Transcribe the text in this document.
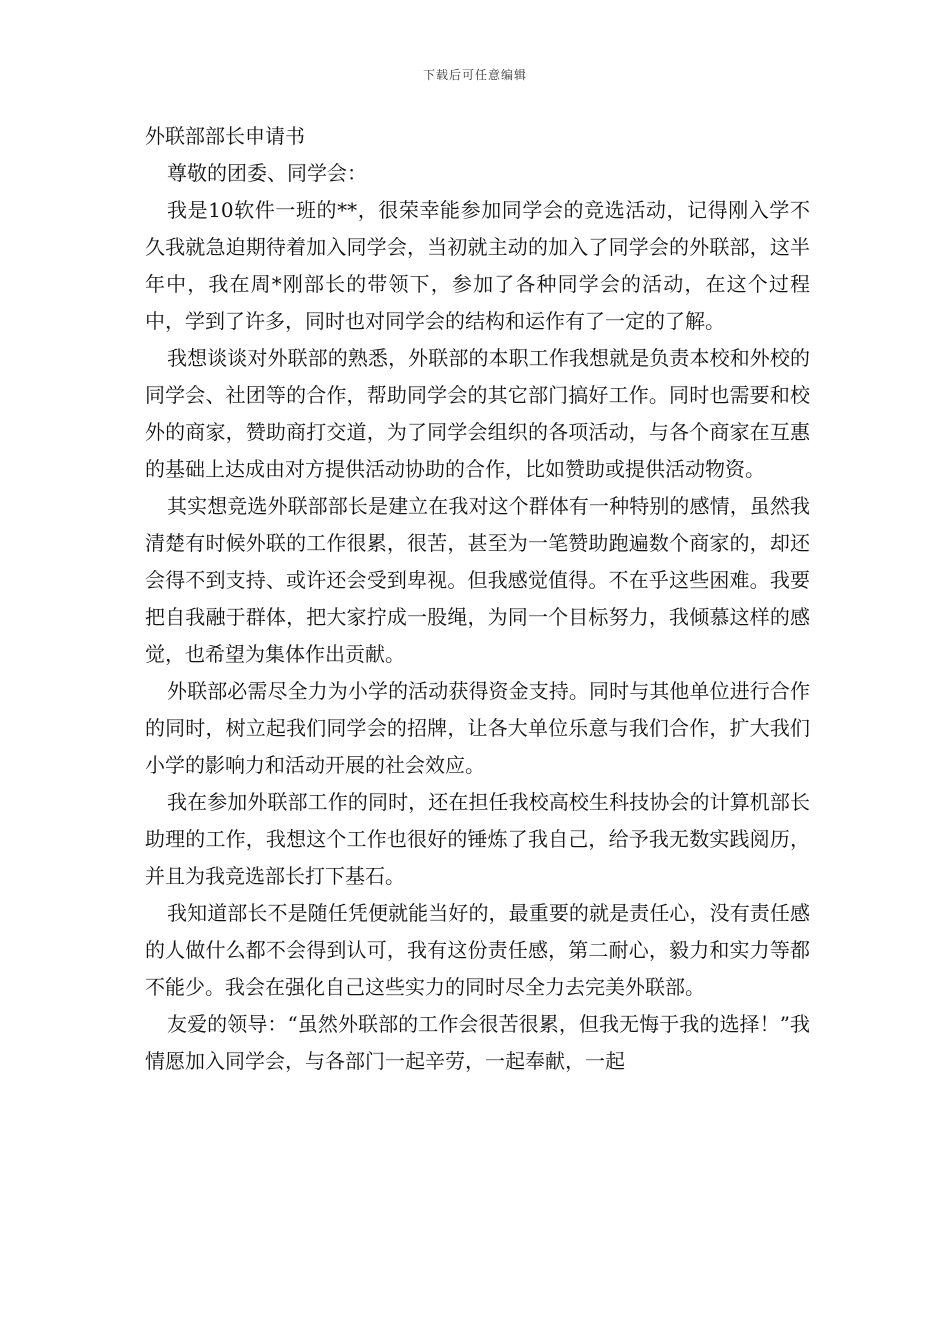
下载后可任意编辑

外联部部长申请书

尊敬的团委、同学会：

我是10软件一班的**，很荣幸能参加同学会的竞选活动，记得刚入学不久我就急迫期待着加入同学会，当初就主动的加入了同学会的外联部，这半年中，我在周*刚部长的带领下，参加了各种同学会的活动，在这个过程中，学到了许多，同时也对同学会的结构和运作有了一定的了解。

我想谈谈对外联部的熟悉，外联部的本职工作我想就是负责本校和外校的同学会、社团等的合作，帮助同学会的其它部门搞好工作。同时也需要和校外的商家，赞助商打交道，为了同学会组织的各项活动，与各个商家在互惠的基础上达成由对方提供活动协助的合作，比如赞助或提供活动物资。

其实想竞选外联部部长是建立在我对这个群体有一种特别的感情，虽然我清楚有时候外联的工作很累，很苦，甚至为一笔赞助跑遍数个商家的，却还会得不到支持、或许还会受到卑视。但我感觉值得。不在乎这些困难。我要把自我融于群体，把大家拧成一股绳，为同一个目标努力，我倾慕这样的感觉，也希望为集体作出贡献。

外联部必需尽全力为小学的活动获得资金支持。同时与其他单位进行合作的同时，树立起我们同学会的招牌，让各大单位乐意与我们合作，扩大我们小学的影响力和活动开展的社会效应。

我在参加外联部工作的同时，还在担任我校高校生科技协会的计算机部长助理的工作，我想这个工作也很好的锤炼了我自己，给予我无数实践阅历，并且为我竞选部长打下基石。

我知道部长不是随任凭便就能当好的，最重要的就是责任心，没有责任感的人做什么都不会得到认可，我有这份责任感，第二耐心，毅力和实力等都不能少。我会在强化自己这些实力的同时尽全力去完美外联部。

友爱的领导：“虽然外联部的工作会很苦很累，但我无悔于我的选择！”我情愿加入同学会，与各部门一起辛劳，一起奉献，一起
